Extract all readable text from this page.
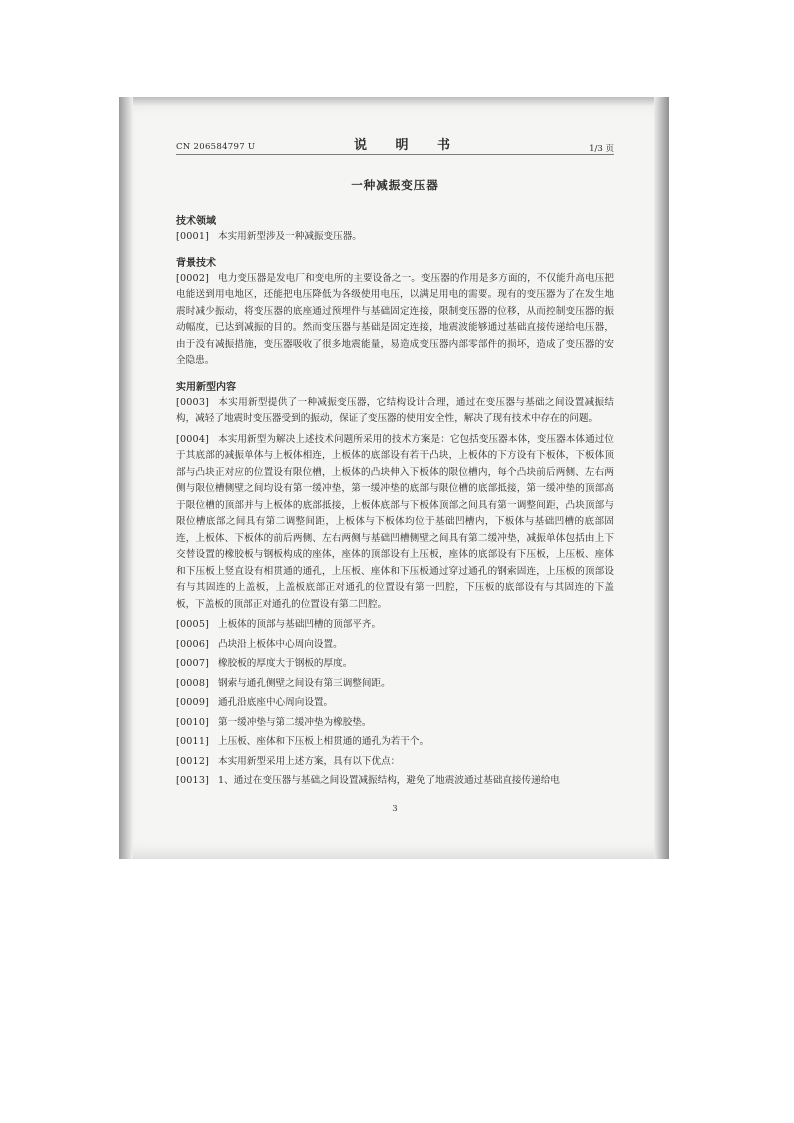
CN 206584797 U	说 明 书	1/3 页
一种减振变压器
技术领域

[0001] 本实用新型涉及一种减振变压器。

背景技术

[0002] 电力变压器是发电厂和变电所的主要设备之一。变压器的作用是多方面的，不仅能升高电压把电能送到用电地区，还能把电压降低为各级使用电压，以满足用电的需要。现有的变压器为了在发生地震时减少振动，将变压器的底座通过预埋件与基础固定连接，限制变压器的位移，从而控制变压器的振动幅度，已达到减振的目的。然而变压器与基础是固定连接，地震波能够通过基础直接传递给电压器，由于没有减振措施，变压器吸收了很多地震能量，易造成变压器内部零部件的损坏，造成了变压器的安全隐患。

实用新型内容

[0003] 本实用新型提供了一种减振变压器，它结构设计合理，通过在变压器与基础之间设置减振结构，减轻了地震时变压器受到的振动，保证了变压器的使用安全性，解决了现有技术中存在的问题。

[0004] 本实用新型为解决上述技术问题所采用的技术方案是：它包括变压器本体，变压器本体通过位于其底部的减振单体与上板体相连，上板体的底部设有若干凸块，上板体的下方设有下板体，下板体顶部与凸块正对应的位置设有限位槽，上板体的凸块伸入下板体的限位槽内，每个凸块前后两侧、左右两侧与限位槽侧壁之间均设有第一缓冲垫，第一缓冲垫的底部与限位槽的底部抵接，第一缓冲垫的顶部高于限位槽的顶部并与上板体的底部抵接，上板体底部与下板体顶部之间具有第一调整间距，凸块顶部与限位槽底部之间具有第二调整间距，上板体与下板体均位于基础凹槽内，下板体与基础凹槽的底部固连，上板体、下板体的前后两侧、左右两侧与基础凹槽侧壁之间具有第二缓冲垫，减振单体包括由上下交替设置的橡胶板与钢板构成的座体，座体的顶部设有上压板，座体的底部设有下压板，上压板、座体和下压板上竖直设有相贯通的通孔，上压板、座体和下压板通过穿过通孔的钢索固连，上压板的顶部设有与其固连的上盖板，上盖板底部正对通孔的位置设有第一凹腔，下压板的底部设有与其固连的下盖板，下盖板的顶部正对通孔的位置设有第二凹腔。

[0005] 上板体的顶部与基础凹槽的顶部平齐。
[0006] 凸块沿上板体中心周向设置。
[0007] 橡胶板的厚度大于钢板的厚度。
[0008] 钢索与通孔侧壁之间设有第三调整间距。
[0009] 通孔沿底座中心周向设置。
[0010] 第一缓冲垫与第二缓冲垫为橡胶垫。
[0011] 上压板、座体和下压板上相贯通的通孔为若干个。
[0012] 本实用新型采用上述方案，具有以下优点：
[0013] 1、通过在变压器与基础之间设置减振结构，避免了地震波通过基础直接传递给电
3
